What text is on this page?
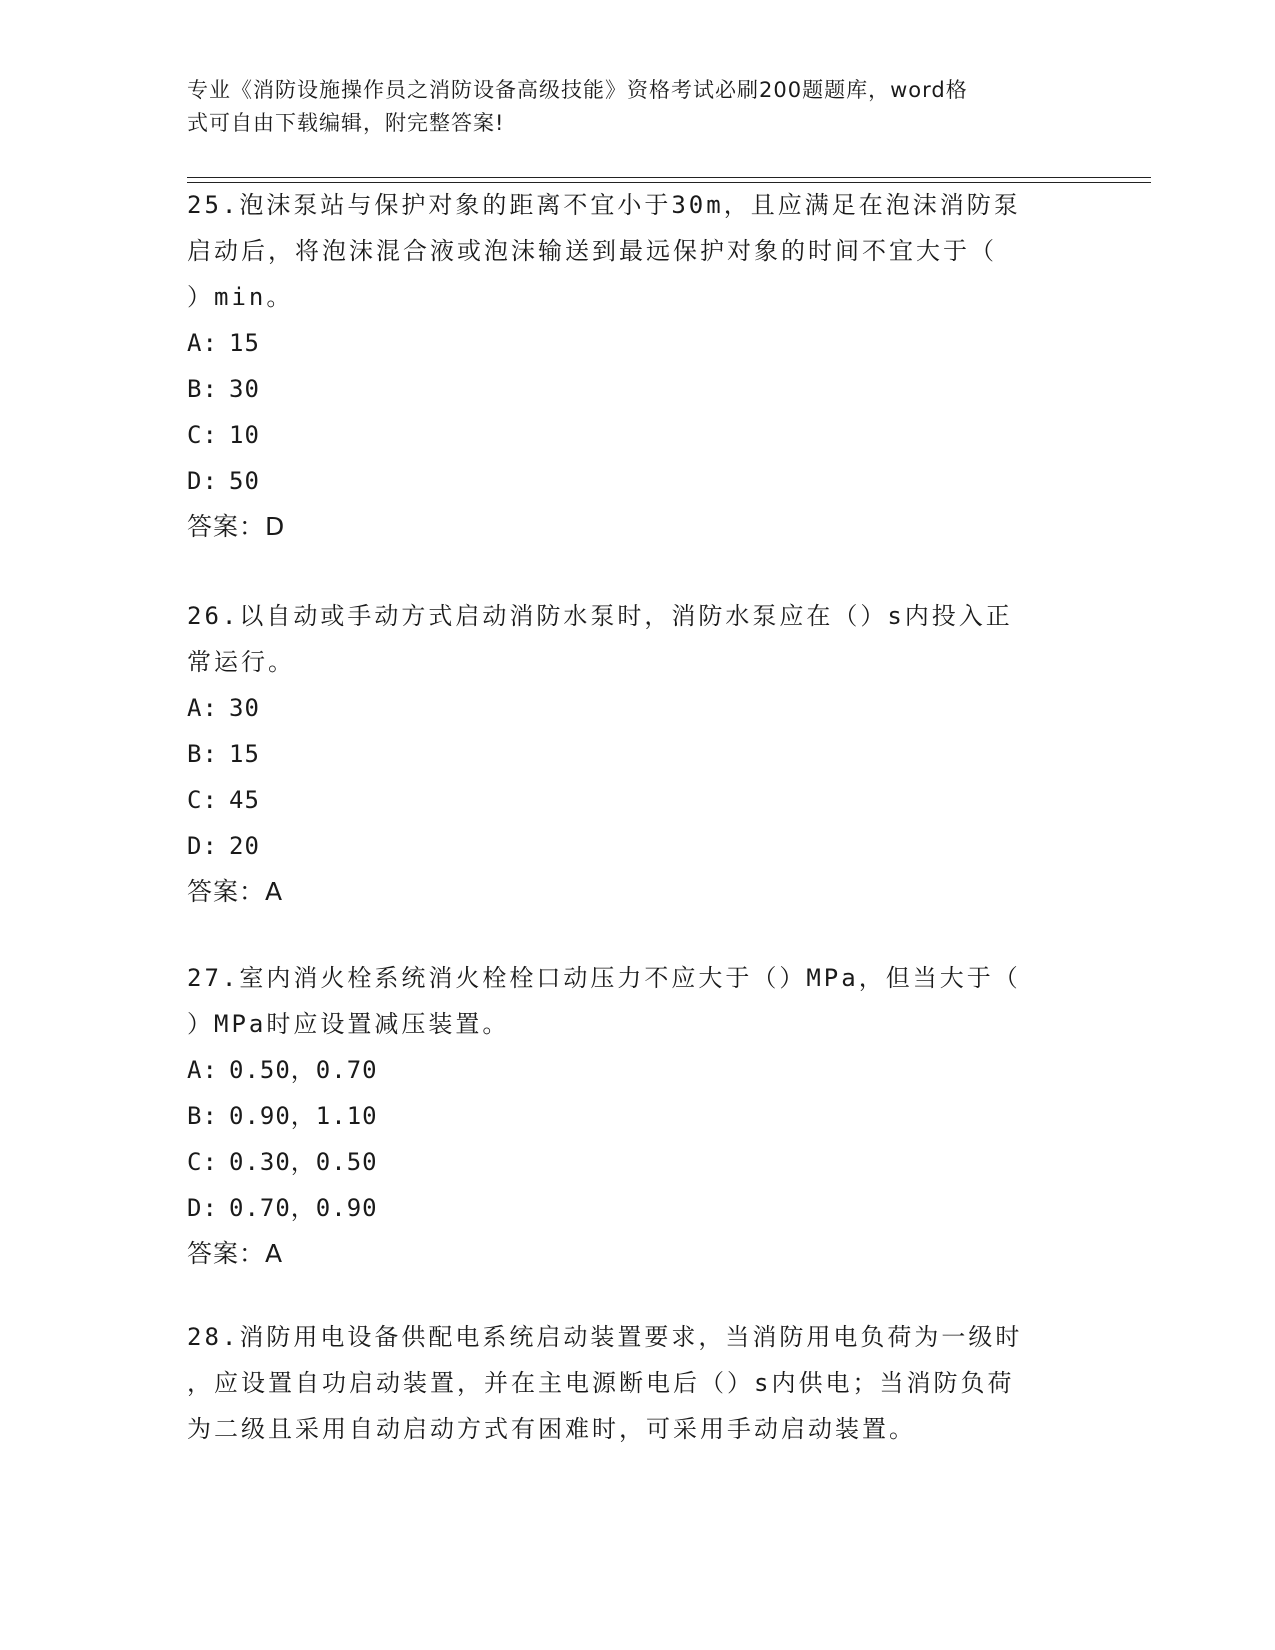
专业《消防设施操作员之消防设备高级技能》资格考试必刷200题题库，word格
式可自由下载编辑，附完整答案!
25.泡沫泵站与保护对象的距离不宜小于30m，且应满足在泡沫消防泵
启动后，将泡沫混合液或泡沫输送到最远保护对象的时间不宜大于（
）min。
A: 15
B: 30
C: 10
D: 50
答案：D
26.以自动或手动方式启动消防水泵时，消防水泵应在（）s内投入正
常运行。
A: 30
B: 15
C: 45
D: 20
答案：A
27.室内消火栓系统消火栓栓口动压力不应大于（）MPa，但当大于（
）MPa时应设置减压装置。
A: 0.50，0.70
B: 0.90，1.10
C: 0.30，0.50
D: 0.70，0.90
答案：A
28.消防用电设备供配电系统启动装置要求，当消防用电负荷为一级时
，应设置自功启动装置，并在主电源断电后（）s内供电；当消防负荷
为二级且采用自动启动方式有困难时，可采用手动启动装置。
